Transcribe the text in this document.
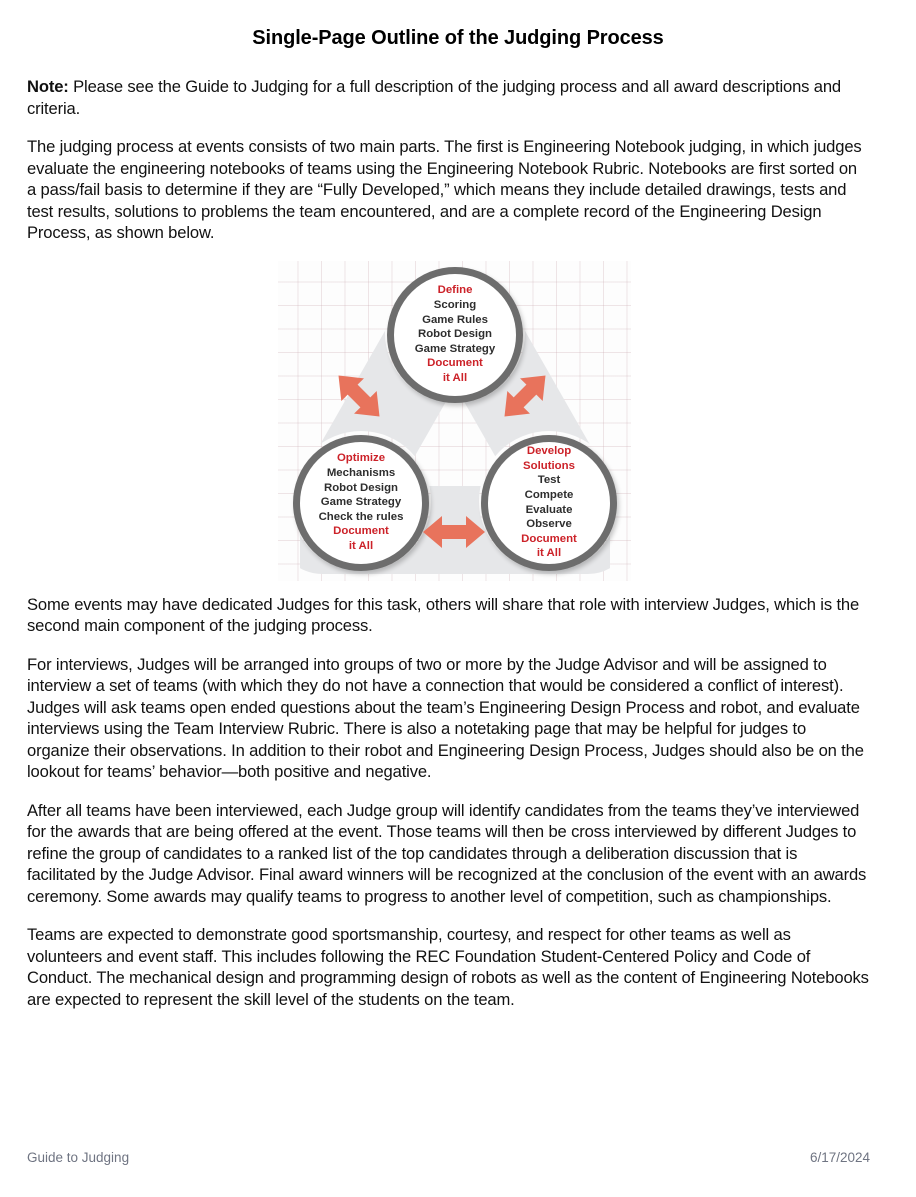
Single-Page Outline of the Judging Process

Note: Please see the Guide to Judging for a full description of the judging process and all award descriptions and criteria.

The judging process at events consists of two main parts. The first is Engineering Notebook judging, in which judges evaluate the engineering notebooks of teams using the Engineering Notebook Rubric. Notebooks are first sorted on a pass/fail basis to determine if they are “Fully Developed,” which means they include detailed drawings, tests and test results, solutions to problems the team encountered, and are a complete record of the Engineering Design Process, as shown below.

Define
Scoring
Game Rules
Robot Design
Game Strategy
Document
it All
Optimize
Mechanisms
Robot Design
Game Strategy
Check the rules
Document
it All
Develop
Solutions
Test
Compete
Evaluate
Observe
Document
it All

Some events may have dedicated Judges for this task, others will share that role with interview Judges, which is the second main component of the judging process.

For interviews, Judges will be arranged into groups of two or more by the Judge Advisor and will be assigned to interview a set of teams (with which they do not have a connection that would be considered a conflict of interest). Judges will ask teams open ended questions about the team’s Engineering Design Process and robot, and evaluate interviews using the Team Interview Rubric. There is also a notetaking page that may be helpful for judges to organize their observations. In addition to their robot and Engineering Design Process, Judges should also be on the lookout for teams’ behavior—both positive and negative.

After all teams have been interviewed, each Judge group will identify candidates from the teams they’ve interviewed for the awards that are being offered at the event. Those teams will then be cross interviewed by different Judges to refine the group of candidates to a ranked list of the top candidates through a deliberation discussion that is facilitated by the Judge Advisor. Final award winners will be recognized at the conclusion of the event with an awards ceremony. Some awards may qualify teams to progress to another level of competition, such as championships.

Teams are expected to demonstrate good sportsmanship, courtesy, and respect for other teams as well as volunteers and event staff. This includes following the REC Foundation Student-Centered Policy and Code of Conduct. The mechanical design and programming design of robots as well as the content of Engineering Notebooks are expected to represent the skill level of the students on the team.

Guide to Judging	6/17/2024
